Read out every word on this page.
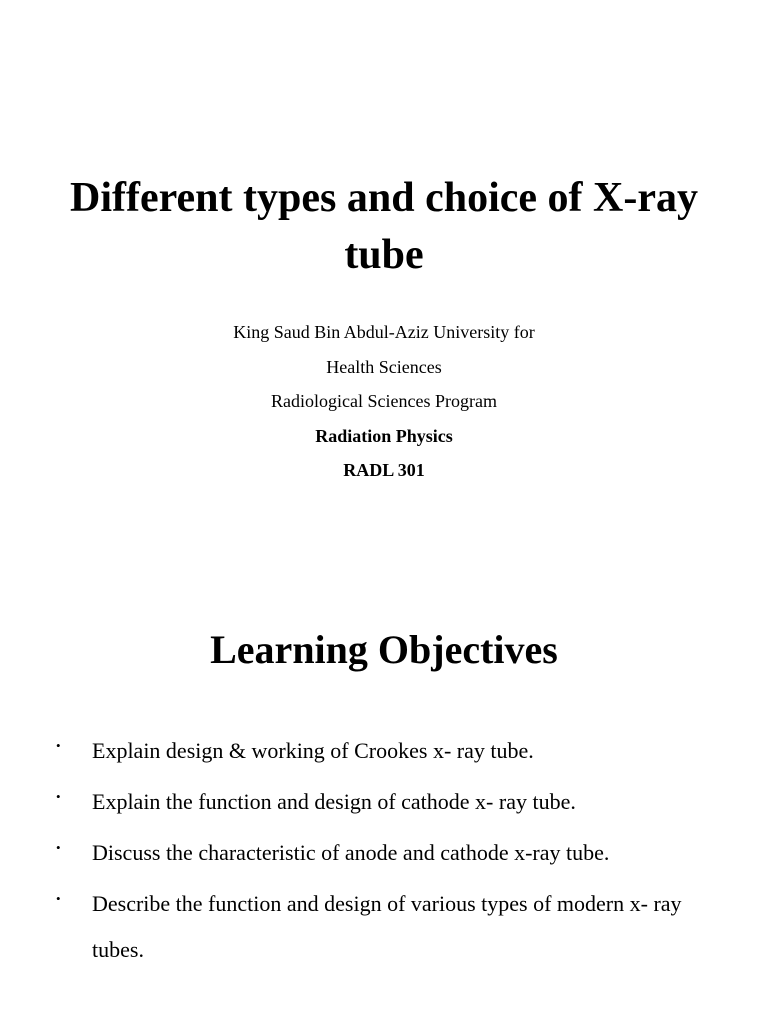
Different types and choice of X-ray tube
King Saud Bin Abdul-Aziz University for
Health Sciences
Radiological Sciences Program
Radiation Physics
RADL 301
Learning Objectives
• Explain design & working of Crookes x- ray tube.
• Explain the function and design of cathode x- ray tube.
• Discuss the characteristic of anode and cathode x-ray tube.
• Describe the function and design of various types of modern x- ray tubes.
